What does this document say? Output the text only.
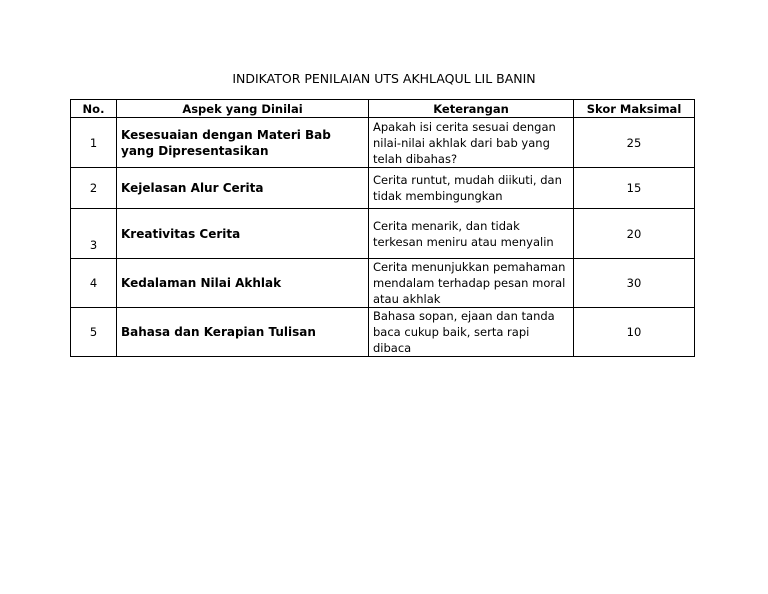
INDIKATOR PENILAIAN UTS AKHLAQUL LIL BANIN
No.	Aspek yang Dinilai	Keterangan	Skor Maksimal
1	Kesesuaian dengan Materi Bab yang Dipresentasikan	Apakah isi cerita sesuai dengan nilai-nilai akhlak dari bab yang telah dibahas?	25
2	Kejelasan Alur Cerita	Cerita runtut, mudah diikuti, dan tidak membingungkan	15
3	Kreativitas Cerita	Cerita menarik, dan tidak terkesan meniru atau menyalin	20
4	Kedalaman Nilai Akhlak	Cerita menunjukkan pemahaman mendalam terhadap pesan moral atau akhlak	30
5	Bahasa dan Kerapian Tulisan	Bahasa sopan, ejaan dan tanda baca cukup baik, serta rapi dibaca	10
